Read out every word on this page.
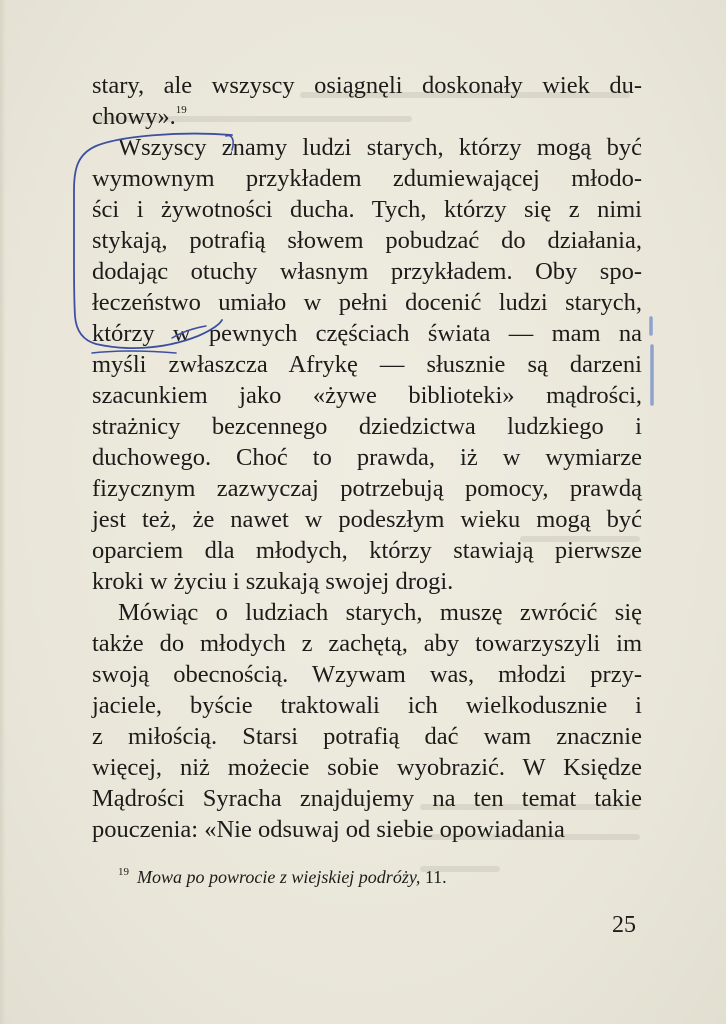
stary, ale wszyscy osiągnęli doskonały wiek du-
chowy».$^{19}$
Wszyscy znamy ludzi starych, którzy mogą być
wymownym przykładem zdumiewającej młodo-
ści i żywotności ducha. Tych, którzy się z nimi
stykają, potrafią słowem pobudzać do działania,
dodając otuchy własnym przykładem. Oby spo-
łeczeństwo umiało w pełni docenić ludzi starych,
którzy w pewnych częściach świata — mam na
myśli zwłaszcza Afrykę — słusznie są darzeni
szacunkiem jako «żywe biblioteki» mądrości,
strażnicy bezcennego dziedzictwa ludzkiego i
duchowego. Choć to prawda, iż w wymiarze
fizycznym zazwyczaj potrzebują pomocy, prawdą
jest też, że nawet w podeszłym wieku mogą być
oparciem dla młodych, którzy stawiają pierwsze
kroki w życiu i szukają swojej drogi.
Mówiąc o ludziach starych, muszę zwrócić się
także do młodych z zachętą, aby towarzyszyli im
swoją obecnością. Wzywam was, młodzi przy-
jaciele, byście traktowali ich wielkodusznie i
z miłością. Starsi potrafią dać wam znacznie
więcej, niż możecie sobie wyobrazić. W Księdze
Mądrości Syracha znajdujemy na ten temat takie
pouczenia: «Nie odsuwaj od siebie opowiadania
$^{19}$ Mowa po powrocie z wiejskiej podróży, 11.
25
